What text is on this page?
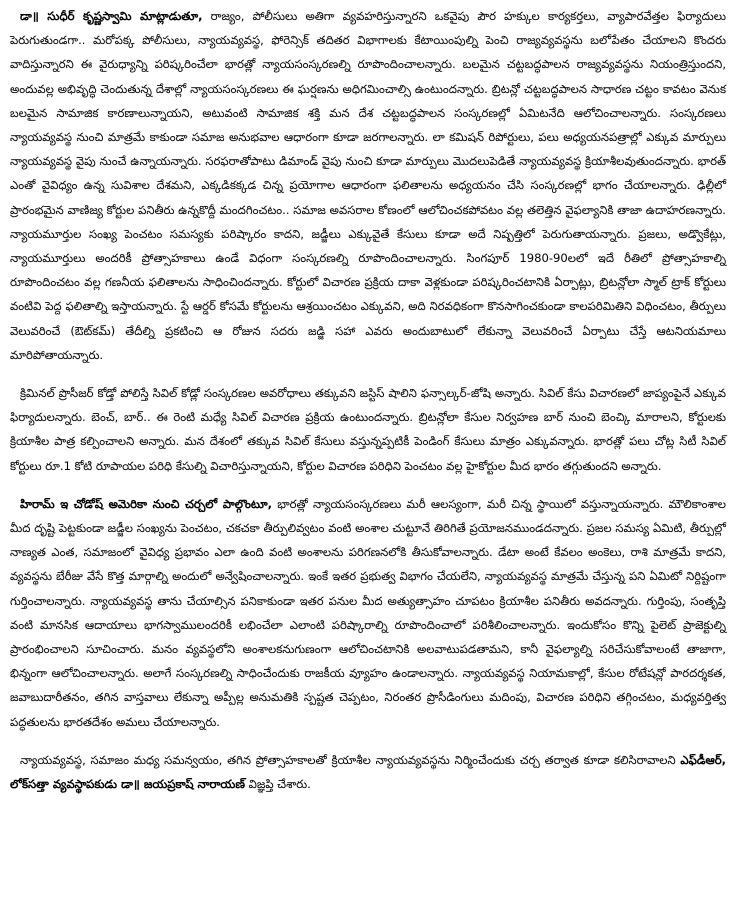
డా॥ సుధీర్ కృష్ణస్వామి మాట్లాడుతూ, రాజ్యం, పోలీసులు అతిగా వ్యవహరిస్తున్నారని ఒకవైపు పౌర హక్కుల కార్యకర్తలు, వ్యాపారవేత్తల ఫిర్యాదులు పెరుగుతుండగా.. మరోపక్క పోలీసులు, న్యాయవ్యవస్థ, ఫోరెన్సిక్ తదితర విభాగాలకు కేటాయింపుల్ని పెంచి రాజ్యవ్యవస్థను బలోపేతం చేయాలని కొందరు వాదిస్తున్నారని ఈ వైరుధ్యాన్ని పరిష్కరించేలా భారత్లో న్యాయసంస్కరణల్ని రూపొందించాలన్నారు. బలమైన చట్టబద్ధపాలన రాజ్యవ్యవస్థను నియంత్రిస్తుందని, అందువల్ల అభివృద్ధి చెందుతున్న దేశాల్లో న్యాయసంస్కరణలు ఈ ఘర్షణను అధిగమించాల్సి ఉంటుందన్నారు. బ్రిటన్లో చట్టబద్ధపాలన సాధారణ చట్టం కావటం వెనుక బలమైన సామాజిక కారణాలున్నాయని, అటువంటి సామాజిక శక్తి మన దేశ చట్టబద్ధపాలన సంస్కరణల్లో ఏమిటనేది ఆలోచించాలన్నారు. సంస్కరణలు న్యాయవ్యవస్థ నుంచి మాత్రమే కాకుండా సమాజ అనుభవాల ఆధారంగా కూడా జరగాలన్నారు. లా కమిషన్ రిపోర్టులు, పలు అధ్యయనపత్రాల్లో ఎక్కువ మార్పులు న్యాయవ్యవస్థ వైపు నుంచే ఉన్నాయన్నారు. సరఫరాతోపాటు డిమాండ్ వైపు నుంచి కూడా మార్పులు మొదలుపెడితే న్యాయవ్యవస్థ క్రియాశీలవుతుందన్నారు. భారత్ ఎంతో వైవిధ్యం ఉన్న సువిశాల దేశమని, ఎక్కడికక్కడ చిన్న ప్రయోగాల ఆధారంగా ఫలితాలను అధ్యయనం చేసి సంస్కరణల్లో భాగం చేయాలన్నారు. ఢిల్లీలో ప్రారంభమైన వాణిజ్య కోర్టుల పనితీరు ఉన్నకొద్దీ మందగించటం.. సమాజ అవసరాల కోణంలో ఆలోచించకపోవటం వల్ల తలెత్తిన వైఫల్యానికి తాజా ఉదాహరణన్నారు. న్యాయమూర్తుల సంఖ్య పెంచటం సమస్యకు పరిష్కారం కాదని, జడ్జీలు ఎక్కువైతే కేసులు కూడా అదే నిష్పత్తిలో పెరుగుతాయన్నారు. ప్రజలు, అడ్వొకేట్లు, న్యాయమూర్తులు అందరికీ ప్రోత్సాహకాలు ఉండే విధంగా సంస్కరణల్ని రూపొందించాలన్నారు. సింగపూర్ 1980-90లలో ఇదే రీతిలో ప్రోత్సాహకాల్ని రూపొందించటం వల్ల గణనీయ ఫలితాలను సాధించిందన్నారు. కోర్టులో విచారణ ప్రక్రియ దాకా వెళ్లకుండా పరిష్కరించటానికి ఏర్పాట్లు, బ్రిటన్లోలా స్మాల్ ట్రాక్ కోర్టులు వంటివి పెద్ద ఫలితాల్ని ఇస్తాయన్నారు. స్టే ఆర్డర్ కోసమే కోర్టులను ఆశ్రయించటం ఎక్కువని, అది నిరవధికంగా కొనసాగించకుండా కాలపరిమితిని విధించటం, తీర్పులు వెలువరించే (ఔట్‌కమ్) తేదీల్ని ప్రకటించి ఆ రోజున సదరు జడ్జి సహా ఎవరు అందుబాటులో లేకున్నా వెలువరించే ఏర్పాటు చేస్తే ఆటనియమాలు మారిపోతాయన్నారు.

క్రిమినల్ ప్రొసీజర్ కోడ్తో పోలిస్తే సివిల్ కోడ్లో సంస్కరణల అవరోధాలు తక్కువని జస్టిస్ షాలిని ఫన్సాల్కర్-జోషి అన్నారు. సివిల్ కేసు విచారణలో జాప్యంపైనే ఎక్కువ ఫిర్యాదులన్నారు. బెంచ్, బార్.. ఈ రెంటి మధ్యే సివిల్ విచారణ ప్రక్రియ ఉంటుందన్నారు. బ్రిటన్లోలా కేసుల నిర్వహణ బార్ నుంచి బెంచ్కి మారాలని, కోర్టులకు క్రియాశీల పాత్ర కల్పించాలని అన్నారు. మన దేశంలో తక్కువ సివిల్ కేసులు వస్తున్నప్పటికీ పెండింగ్ కేసులు మాత్రం ఎక్కువన్నారు. భారత్లో పలు చోట్ల సిటీ సివిల్ కోర్టులు రూ.1 కోటి రూపాయల పరిధి కేసుల్ని విచారిస్తున్నాయని, కోర్టుల విచారణ పరిధిని పెంచటం వల్ల హైకోర్టుల మీద భారం తగ్గుతుందని అన్నారు.

హిరామ్ ఇ చోడోష్ అమెరికా నుంచి చర్చలో పాల్గొంటూ, భారత్లో న్యాయసంస్కరణలు మరీ ఆలస్యంగా, మరీ చిన్న స్థాయిలో వస్తున్నాయన్నారు. మౌలికాంశాల మీద దృష్టి పెట్టకుండా జడ్జీల సంఖ్యను పెంచటం, చకచకా తీర్పులివ్వటం వంటి అంశాల చుట్టూనే తిరిగితే ప్రయోజనముండదన్నారు. ప్రజల సమస్య ఏమిటి, తీర్పుల్లో నాణ్యత ఎంత, సమాజంలో వైవిధ్య ప్రభావం ఎలా ఉంది వంటి అంశాలను పరిగణనలోకి తీసుకోవాలన్నారు. డేటా అంటే కేవలం అంకెలు, రాశి మాత్రమే కాదని, వ్యవస్థను బేరీజు వేసే కొత్త మార్గాల్ని అందులో అన్వేషించాలన్నారు. ఇంకే ఇతర ప్రభుత్వ విభాగం చేయలేని, న్యాయవ్యవస్థ మాత్రమే చేస్తున్న పని ఏమిటో నిర్దిష్టంగా గుర్తించాలన్నారు. న్యాయవ్యవస్థ తాను చేయాల్సిన పనికాకుండా ఇతర పనుల మీద అత్యుత్సాహం చూపటం క్రియాశీల పనితీరు అవదన్నారు. గుర్తింపు, సంతృప్తి వంటి మానసిక ఆదాయాలు భాగస్వాములందరికీ లభించేలా ఎలాంటి పరిష్కారాల్ని రూపొందించాలో పరిశీలించాలన్నారు. ఇందుకోసం కొన్ని పైలెట్ ప్రాజెక్టుల్ని ప్రారంభించాలని సూచించారు. మనం వ్యవస్థలోని అంశాలకనుగుణంగా ఆలోచించటానికి అలవాటుపడతామని, కానీ వైఫల్యాల్ని సరిచేసుకోవాలంటే తాజాగా, భిన్నంగా ఆలోచించాలన్నారు. అలాగే సంస్కరణల్ని సాధించేందుకు రాజకీయ వ్యూహం ఉండాలన్నారు. న్యాయవ్యవస్థ నియామకాల్లో, కేసుల రోటేషన్లో పారదర్శకత, జవాబుదారీతనం, తగిన వాస్తవాలు లేకున్నా అప్పీల్ల అనుమతికి స్పష్టత చెప్పటం, నిరంతర ప్రొసీడింగులు మదింపు, విచారణ పరిధిని తగ్గించటం, మధ్యవర్తిత్వ పద్ధతులను భారతదేశం అమలు చేయాలన్నారు.

న్యాయవ్యవస్థ, సమాజం మధ్య సమన్వయం, తగిన ప్రోత్సాహకాలతో క్రియాశీల న్యాయవ్యవస్థను నిర్మించేందుకు చర్చ తర్వాత కూడా కలిసిరావాలని ఎఫ్‌డీఆర్, లోక్‌సత్తా వ్యవస్థాపకుడు డా॥ జయప్రకాష్ నారాయణ్ విజ్ఞప్తి చేశారు.
